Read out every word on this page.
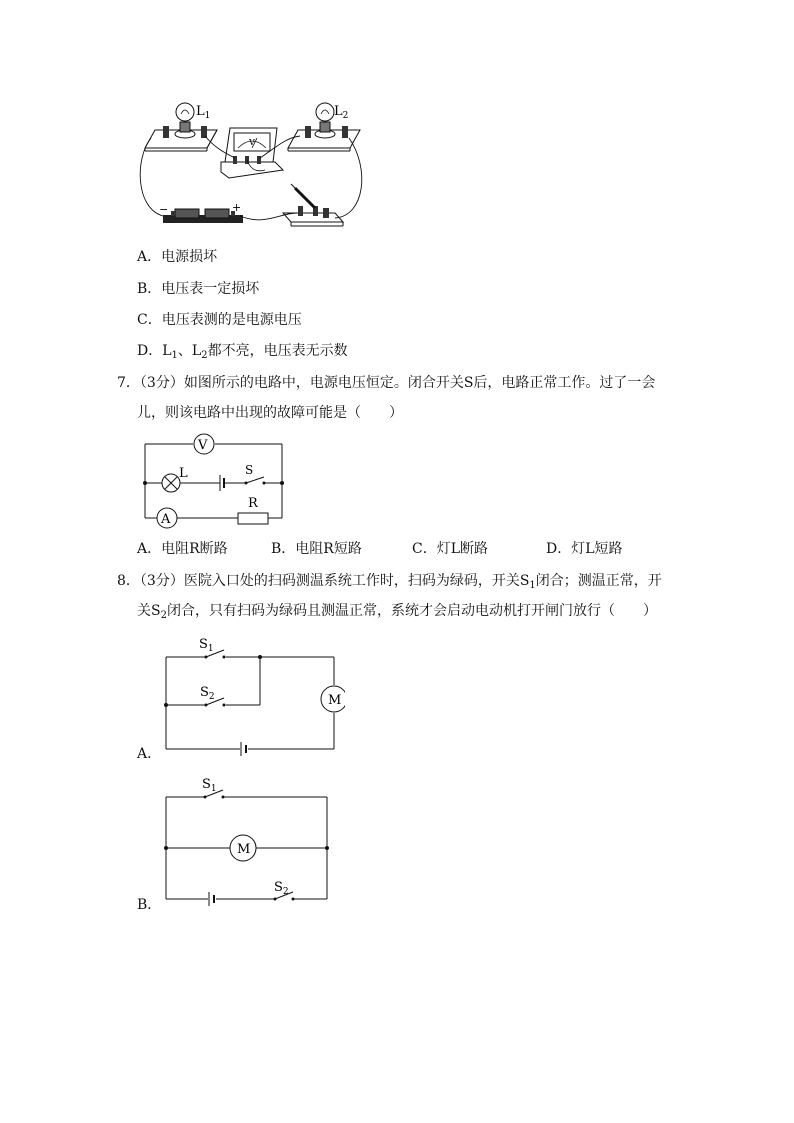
$L_1$	$L_2$
V
−	+
A．电源损坏
B．电压表一定损坏
C．电压表测的是电源电压
D．$L_1$、$L_2$都不亮，电压表无示数
7．（3分）如图所示的电路中，电源电压恒定。闭合开关S后，电路正常工作。过了一会
儿，则该电路中出现的故障可能是（　　）
V
L	S
A
R
A．电阻R断路	B．电阻R短路	C．灯L断路	D．灯L短路
8．（3分）医院入口处的扫码测温系统工作时，扫码为绿码，开关$S_1$闭合；测温正常，开
关$S_2$闭合，只有扫码为绿码且测温正常，系统才会启动电动机打开闸门放行（　　）
$S_1$
$S_2$	M
A．
$S_1$
M
$S_2$
B．
